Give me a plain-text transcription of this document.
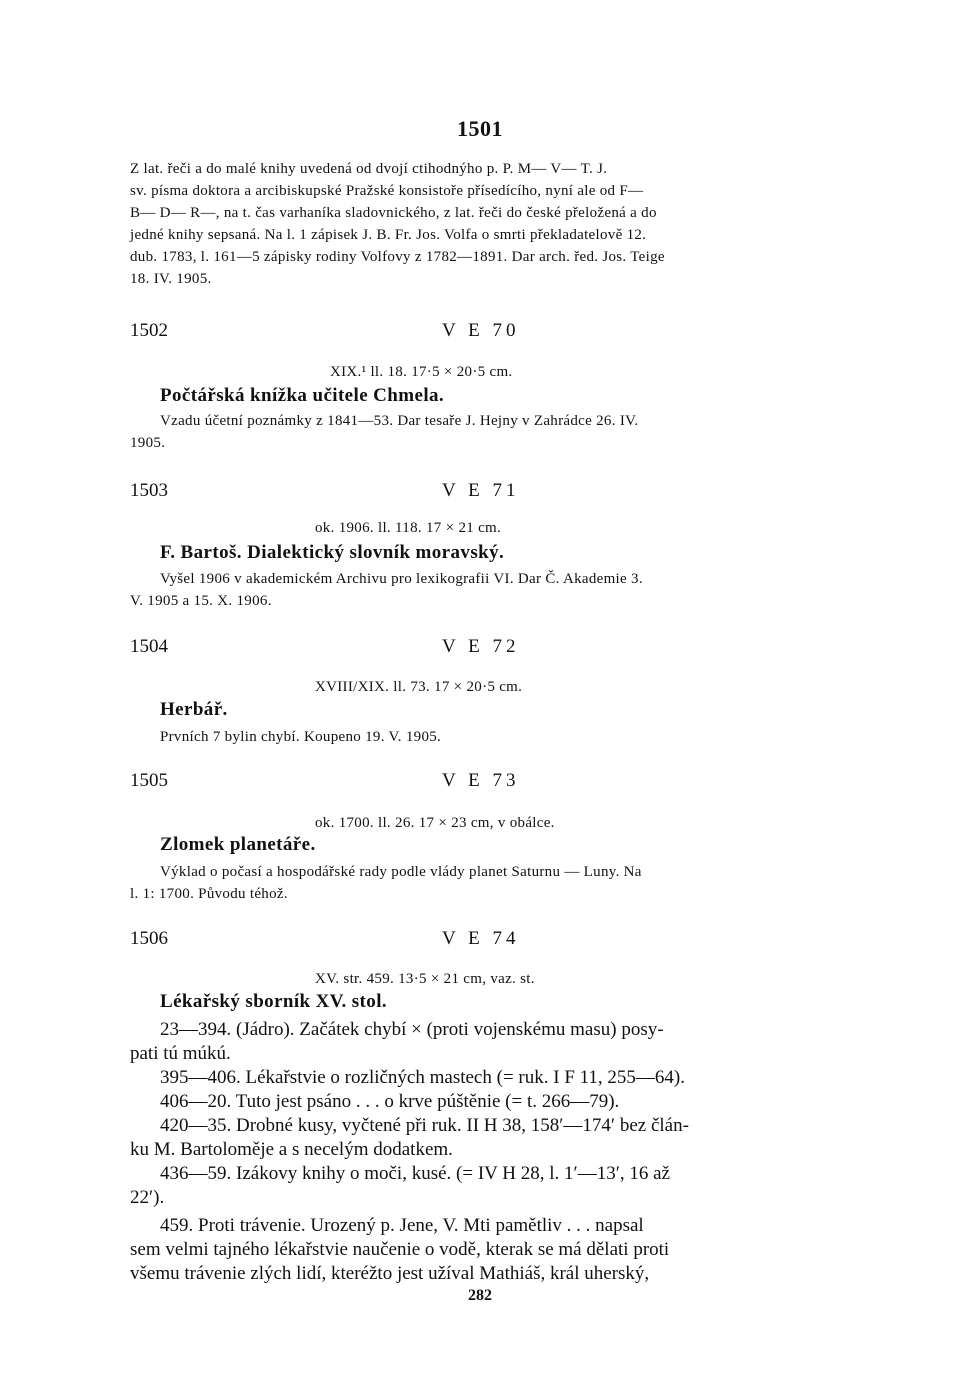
1501
Z lat. řeči a do malé knihy uvedená od dvojí ctihodnýho p. P. M— V— T. J.
sv. písma doktora a arcibiskupské Pražské konsistoře přísedícího, nyní ale od F—
B— D— R—, na t. čas varhaníka sladovnického, z lat. řeči do české přeložená a do
jedné knihy sepsaná. Na l. 1 zápisek J. B. Fr. Jos. Volfa o smrti překladatelově 12.
dub. 1783, l. 161—5 zápisky rodiny Volfovy z 1782—1891. Dar arch. řed. Jos. Teige
18. IV. 1905.
1502	V E 70
XIX.¹ ll. 18. 17·5 × 20·5 cm.
Počtářská knížka učitele Chmela.
Vzadu účetní poznámky z 1841—53. Dar tesaře J. Hejny v Zahrádce 26. IV.
1905.
1503	V E 71
ok. 1906. ll. 118. 17 × 21 cm.
F. Bartoš. Dialektický slovník moravský.
Vyšel 1906 v akademickém Archivu pro lexikografii VI. Dar Č. Akademie 3.
V. 1905 a 15. X. 1906.
1504	V E 72
XVIII/XIX. ll. 73. 17 × 20·5 cm.
Herbář.
Prvních 7 bylin chybí. Koupeno 19. V. 1905.
1505	V E 73
ok. 1700. ll. 26. 17 × 23 cm, v obálce.
Zlomek planetáře.
Výklad o počasí a hospodářské rady podle vlády planet Saturnu — Luny. Na
l. 1: 1700. Původu téhož.
1506	V E 74
XV. str. 459. 13·5 × 21 cm, vaz. st.
Lékařský sborník XV. stol.
23—394. (Jádro). Začátek chybí × (proti vojenskému masu) posy-
pati tú múkú.
395—406. Lékařstvie o rozličných mastech (= ruk. I F 11, 255—64).
406—20. Tuto jest psáno . . . o krve púštěnie (= t. 266—79).
420—35. Drobné kusy, vyčtené při ruk. II H 38, 158′—174′ bez člán-
ku M. Bartoloměje a s necelým dodatkem.
436—59. Izákovy knihy o moči, kusé. (= IV H 28, l. 1′—13′, 16 až
22′).
459. Proti trávenie. Urozený p. Jene, V. Mti pamětliv . . . napsal
sem velmi tajného lékařstvie naučenie o vodě, kterak se má dělati proti
všemu trávenie zlých lidí, kteréžto jest užíval Mathiáš, král uherský,
282
